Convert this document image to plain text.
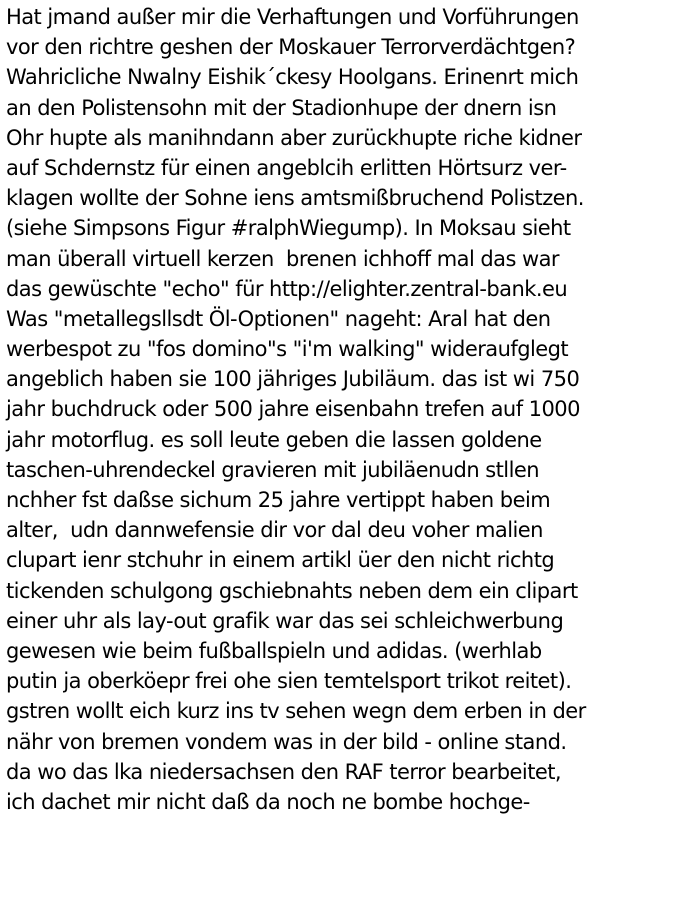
Hat jmand außer mir die Verhaftungen und Vorführungen
vor den richtre geshen der Moskauer Terrorverdächtgen?
Wahricliche Nwalny Eishik´ckesy Hoolgans. Erinenrt mich
an den Polistensohn mit der Stadionhupe der dnern isn
Ohr hupte als manihndann aber zurückhupte riche kidner
auf Schdernstz für einen angeblcih erlitten Hörtsurz ver-
klagen wollte der Sohne iens amtsmißbruchend Polistzen.
(siehe Simpsons Figur #ralphWiegump). In Moksau sieht
man überall virtuell kerzen  brenen ichhoff mal das war
das gewüschte "echo" für http://elighter.zentral-bank.eu
Was "metallegsllsdt Öl-Optionen" nageht: Aral hat den
werbespot zu "fos domino"s "i'm walking" wideraufglegt
angeblich haben sie 100 jähriges Jubiläum. das ist wi 750
jahr buchdruck oder 500 jahre eisenbahn trefen auf 1000
jahr motorflug. es soll leute geben die lassen goldene
taschen-uhrendeckel gravieren mit jubiläenudn stllen
nchher fst daßse sichum 25 jahre vertippt haben beim
alter,  udn dannwefensie dir vor dal deu voher malien
clupart ienr stchuhr in einem artikl üer den nicht richtg
tickenden schulgong gschiebnahts neben dem ein clipart
einer uhr als lay-out grafik war das sei schleichwerbung
gewesen wie beim fußballspieln und adidas. (werhlab
putin ja oberköepr frei ohe sien temtelsport trikot reitet).
gstren wollt eich kurz ins tv sehen wegn dem erben in der
nähr von bremen vondem was in der bild - online stand.
da wo das lka niedersachsen den RAF terror bearbeitet,
ich dachet mir nicht daß da noch ne bombe hochge-
